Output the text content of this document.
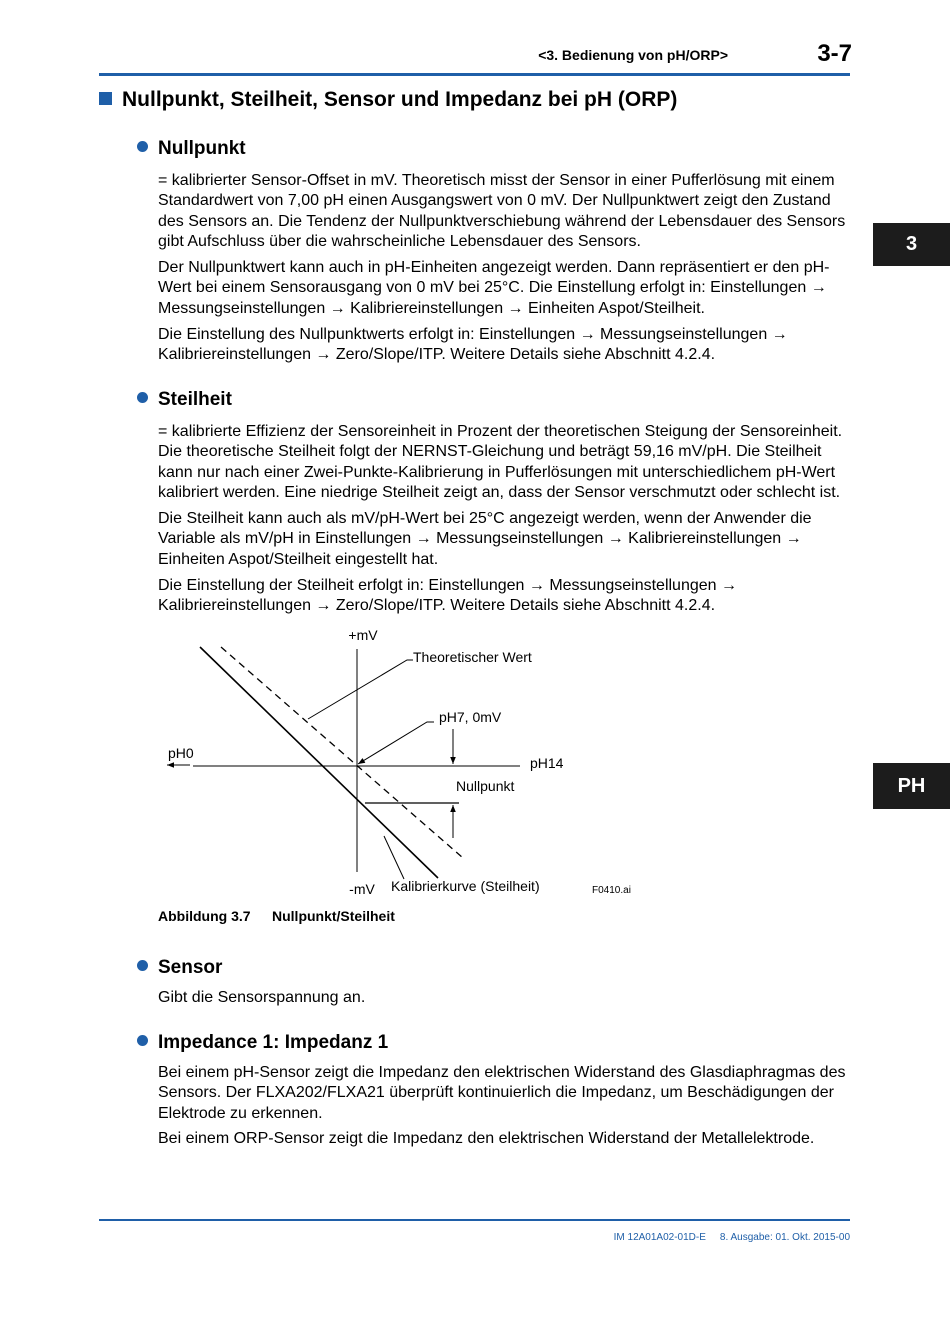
<3. Bedienung von pH/ORP>	3-7
3
PH
Nullpunkt, Steilheit, Sensor und Impedanz bei pH (ORP)
Nullpunkt
= kalibrierter Sensor-Offset in mV. Theoretisch misst der Sensor in einer Pufferlösung mit einem Standardwert von 7,00 pH einen Ausgangswert von 0 mV. Der Nullpunktwert zeigt den Zustand des Sensors an. Die Tendenz der Nullpunktverschiebung während der Lebensdauer des Sensors gibt Aufschluss über die wahrscheinliche Lebensdauer des Sensors.
Der Nullpunktwert kann auch in pH-Einheiten angezeigt werden. Dann repräsentiert er den pH-Wert bei einem Sensorausgang von 0 mV bei 25°C. Die Einstellung erfolgt in: Einstellungen → Messungseinstellungen → Kalibriereinstellungen → Einheiten Aspot/Steilheit.
Die Einstellung des Nullpunktwerts erfolgt in: Einstellungen → Messungseinstellungen → Kalibriereinstellungen → Zero/Slope/ITP. Weitere Details siehe Abschnitt 4.2.4.
Steilheit
= kalibrierte Effizienz der Sensoreinheit in Prozent der theoretischen Steigung der Sensoreinheit. Die theoretische Steilheit folgt der NERNST-Gleichung und beträgt 59,16 mV/pH. Die Steilheit kann nur nach einer Zwei-Punkte-Kalibrierung in Pufferlösungen mit unterschiedlichem pH-Wert kalibriert werden. Eine niedrige Steilheit zeigt an, dass der Sensor verschmutzt oder schlecht ist.
Die Steilheit kann auch als mV/pH-Wert bei 25°C angezeigt werden, wenn der Anwender die Variable als mV/pH in Einstellungen → Messungseinstellungen → Kalibriereinstellungen → Einheiten Aspot/Steilheit eingestellt hat.
Die Einstellung der Steilheit erfolgt in: Einstellungen → Messungseinstellungen → Kalibriereinstellungen → Zero/Slope/ITP. Weitere Details siehe Abschnitt 4.2.4.
+mV
-mV
pH0
pH14
Theoretischer Wert
pH7, 0mV
Nullpunkt
Kalibrierkurve (Steilheit)	F0410.ai
Abbildung 3.7 Nullpunkt/Steilheit
Sensor
Gibt die Sensorspannung an.
Impedance 1: Impedanz 1
Bei einem pH-Sensor zeigt die Impedanz den elektrischen Widerstand des Glasdiaphragmas des Sensors. Der FLXA202/FLXA21 überprüft kontinuierlich die Impedanz, um Beschädigungen der Elektrode zu erkennen.
Bei einem ORP-Sensor zeigt die Impedanz den elektrischen Widerstand der Metallelektrode.
IM 12A01A02-01D-E 8. Ausgabe: 01. Okt. 2015-00
